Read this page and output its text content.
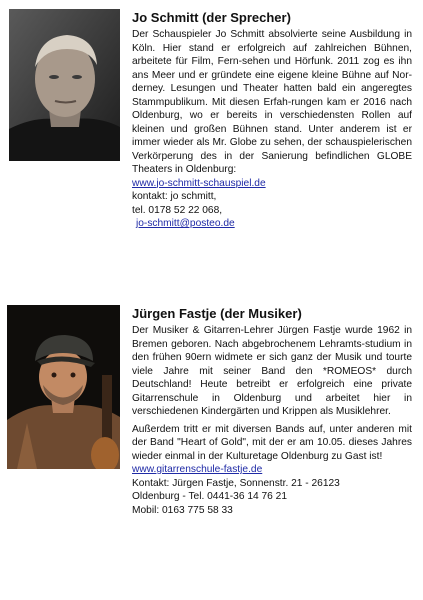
Jo Schmitt (der Sprecher)

Der Schauspieler Jo Schmitt absolvierte seine Ausbildung in Köln. Hier stand er erfolgreich auf zahlreichen Bühnen, arbeitete für Film, Fern-sehen und Hörfunk. 2011 zog es ihn ans Meer und er gründete eine eigene kleine Bühne auf Nor-derney. Lesungen und Theater hatten bald ein angeregtes Stammpublikum. Mit diesen Erfah-rungen kam er 2016 nach Oldenburg, wo er bereits in verschiedensten Rollen auf kleinen und großen Bühnen stand. Unter anderem ist er immer wieder als Mr. Globe zu sehen, der schauspielerischen Verkörperung des in der Sanierung befindlichen GLOBE Theaters in Oldenburg:

www.jo-schmitt-schauspiel.de
kontakt: jo schmitt,
tel. 0178 52 22 068,
jo-schmitt@posteo.de
Jürgen Fastje (der Musiker)

Der Musiker & Gitarren-Lehrer Jürgen Fastje wurde 1962 in Bremen geboren. Nach abgebrochenem Lehramts-studium in den frühen 90ern widmete er sich ganz der Musik und tourte viele Jahre mit seiner Band den *ROMEOS* durch Deutschland! Heute betreibt er erfolgreich eine private Gitarrenschule in Oldenburg und arbeitet hier in verschiedenen Kindergärten und Krippen als Musiklehrer.

Außerdem tritt er mit diversen Bands auf, unter anderen mit der Band "Heart of Gold", mit der er am 10.05. dieses Jahres wieder einmal in der Kulturetage Oldenburg zu Gast ist!

www.gitarrenschule-fastje.de
Kontakt: Jürgen Fastje, Sonnenstr. 21 - 26123
Oldenburg - Tel. 0441-36 14 76 21
Mobil: 0163 775 58 33
